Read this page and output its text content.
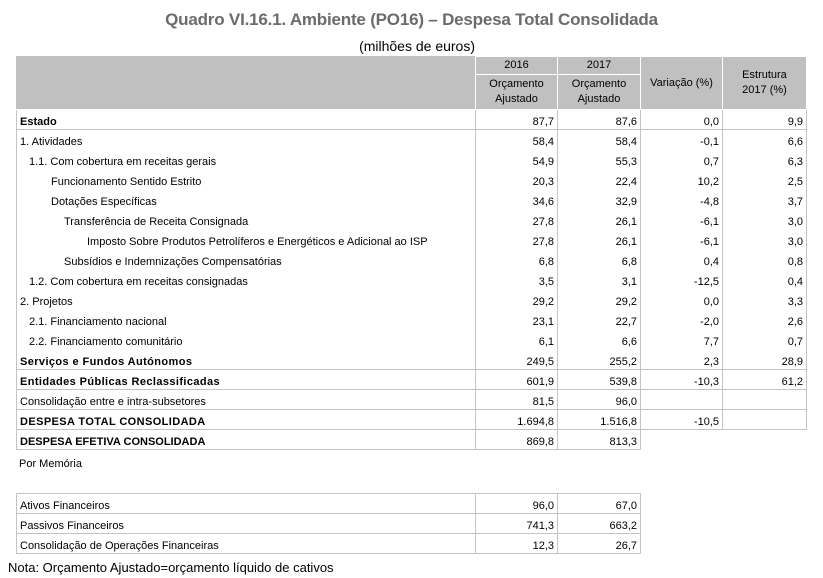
Quadro VI.16.1. Ambiente (PO16) – Despesa Total Consolidada
(milhões de euros)
	2016	2017	Variação (%)	Estrutura 2017 (%)
	Orçamento Ajustado	Orçamento Ajustado		
Estado	87,7	87,6	0,0	9,9
1. Atividades	58,4	58,4	-0,1	6,6
1.1. Com cobertura em receitas gerais	54,9	55,3	0,7	6,3
Funcionamento Sentido Estrito	20,3	22,4	10,2	2,5
Dotações Específicas	34,6	32,9	-4,8	3,7
Transferência de Receita Consignada	27,8	26,1	-6,1	3,0
Imposto Sobre Produtos Petrolíferos e Energéticos e Adicional ao ISP	27,8	26,1	-6,1	3,0
Subsídios e Indemnizações Compensatórias	6,8	6,8	0,4	0,8
1.2. Com cobertura em receitas consignadas	3,5	3,1	-12,5	0,4
2. Projetos	29,2	29,2	0,0	3,3
2.1. Financiamento nacional	23,1	22,7	-2,0	2,6
2.2. Financiamento comunitário	6,1	6,6	7,7	0,7
Serviços e Fundos Autónomos	249,5	255,2	2,3	28,9
Entidades Públicas Reclassificadas	601,9	539,8	-10,3	61,2
Consolidação entre e intra-subsetores	81,5	96,0		
DESPESA TOTAL CONSOLIDADA	1.694,8	1.516,8	-10,5	
DESPESA EFETIVA CONSOLIDADA	869,8	813,3		
Por Memória
Ativos Financeiros	96,0	67,0
Passivos Financeiros	741,3	663,2
Consolidação de Operações Financeiras	12,3	26,7
Nota: Orçamento Ajustado=orçamento líquido de cativos
